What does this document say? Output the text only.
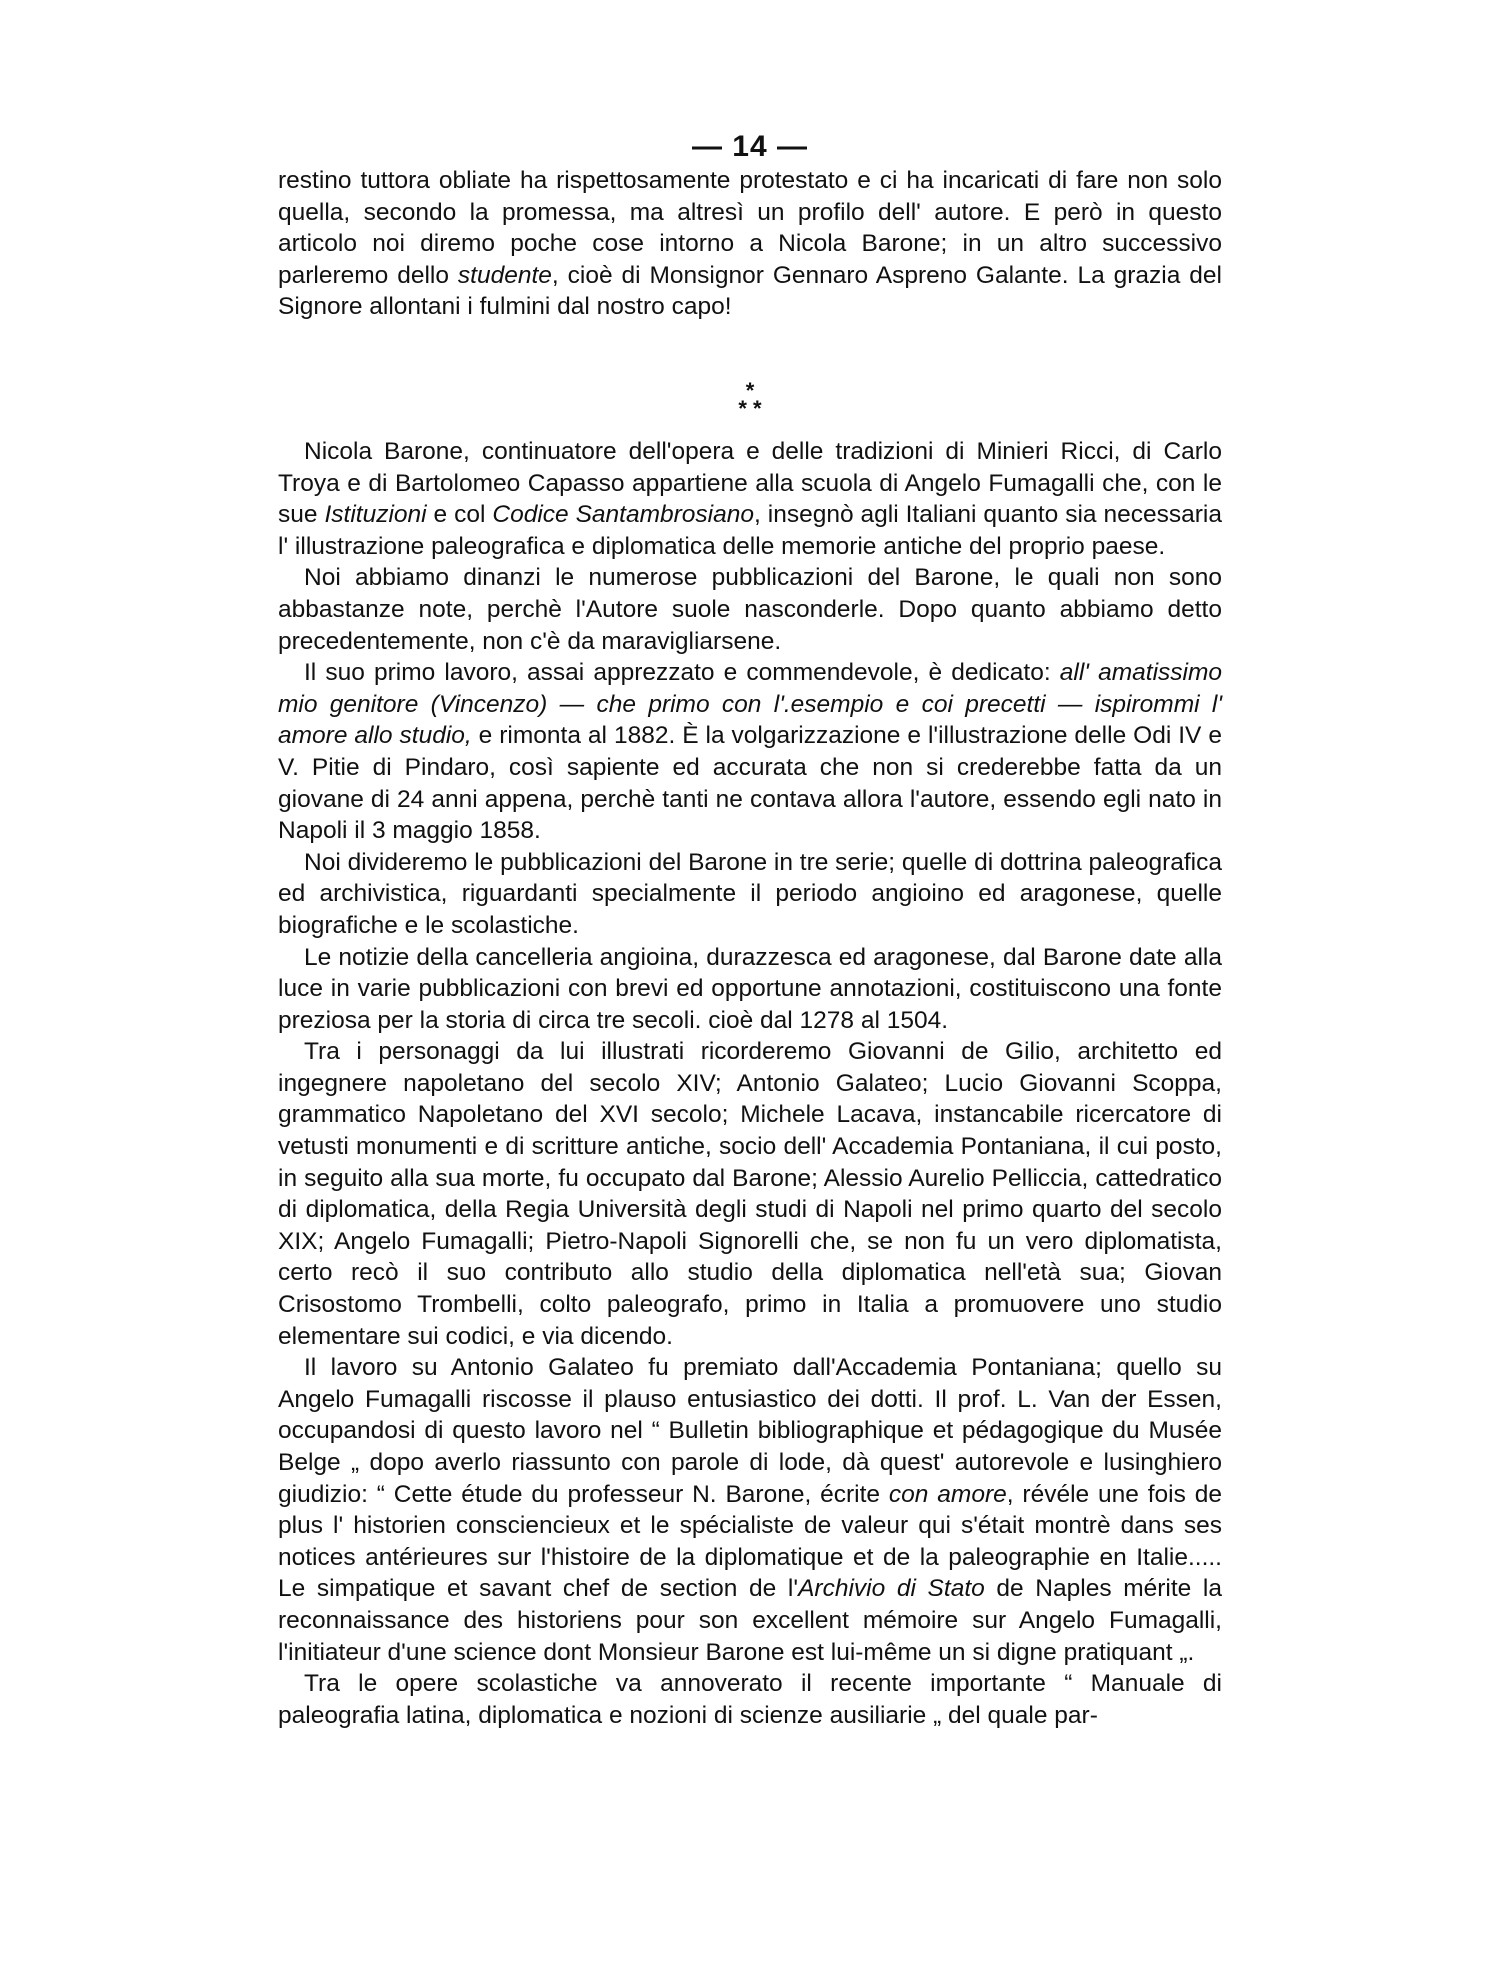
— 14 —

restino tuttora obliate ha rispettosamente protestato e ci ha incaricati di fare non solo quella, secondo la promessa, ma altresì un profilo dell' autore. E però in questo articolo noi diremo poche cose intorno a Nicola Barone; in un altro successivo parleremo dello studente, cioè di Monsignor Gennaro Aspreno Galante. La grazia del Signore allontani i fulmini dal nostro capo!

*
* *

Nicola Barone, continuatore dell'opera e delle tradizioni di Minieri Ricci, di Carlo Troya e di Bartolomeo Capasso appartiene alla scuola di Angelo Fumagalli che, con le sue Istituzioni e col Codice Santambrosiano, insegnò agli Italiani quanto sia necessaria l' illustrazione paleografica e diplomatica delle memorie antiche del proprio paese.

Noi abbiamo dinanzi le numerose pubblicazioni del Barone, le quali non sono abbastanze note, perchè l'Autore suole nasconderle. Dopo quanto abbiamo detto precedentemente, non c'è da maravigliarsene.

Il suo primo lavoro, assai apprezzato e commendevole, è dedicato: all' amatissimo mio genitore (Vincenzo) — che primo con l'.esempio e coi precetti — ispirommi l' amore allo studio, e rimonta al 1882. È la volgarizzazione e l'illustrazione delle Odi IV e V. Pitie di Pindaro, così sapiente ed accurata che non si crederebbe fatta da un giovane di 24 anni appena, perchè tanti ne contava allora l'autore, essendo egli nato in Napoli il 3 maggio 1858.

Noi divideremo le pubblicazioni del Barone in tre serie; quelle di dottrina paleografica ed archivistica, riguardanti specialmente il periodo angioino ed aragonese, quelle biografiche e le scolastiche.

Le notizie della cancelleria angioina, durazzesca ed aragonese, dal Barone date alla luce in varie pubblicazioni con brevi ed opportune annotazioni, costituiscono una fonte preziosa per la storia di circa tre secoli. cioè dal 1278 al 1504.

Tra i personaggi da lui illustrati ricorderemo Giovanni de Gilio, architetto ed ingegnere napoletano del secolo XIV; Antonio Galateo; Lucio Giovanni Scoppa, grammatico Napoletano del XVI secolo; Michele Lacava, instancabile ricercatore di vetusti monumenti e di scritture antiche, socio dell' Accademia Pontaniana, il cui posto, in seguito alla sua morte, fu occupato dal Barone; Alessio Aurelio Pelliccia, cattedratico di diplomatica, della Regia Università degli studi di Napoli nel primo quarto del secolo XIX; Angelo Fumagalli; Pietro-Napoli Signorelli che, se non fu un vero diplomatista, certo recò il suo contributo allo studio della diplomatica nell'età sua; Giovan Crisostomo Trombelli, colto paleografo, primo in Italia a promuovere uno studio elementare sui codici, e via dicendo.

Il lavoro su Antonio Galateo fu premiato dall'Accademia Pontaniana; quello su Angelo Fumagalli riscosse il plauso entusiastico dei dotti. Il prof. L. Van der Essen, occupandosi di questo lavoro nel “ Bulletin bibliographique et pédagogique du Musée Belge „ dopo averlo riassunto con parole di lode, dà quest' autorevole e lusinghiero giudizio: “ Cette étude du professeur N. Barone, écrite con amore, révéle une fois de plus l' historien consciencieux et le spécialiste de valeur qui s'était montrè dans ses notices antérieures sur l'histoire de la diplomatique et de la paleographie en Italie..... Le simpatique et savant chef de section de l'Archivio di Stato de Naples mérite la reconnaissance des historiens pour son excellent mémoire sur Angelo Fumagalli, l'initiateur d'une science dont Monsieur Barone est lui-même un si digne pratiquant „.

Tra le opere scolastiche va annoverato il recente importante “ Manuale di paleografia latina, diplomatica e nozioni di scienze ausiliarie „ del quale par-
